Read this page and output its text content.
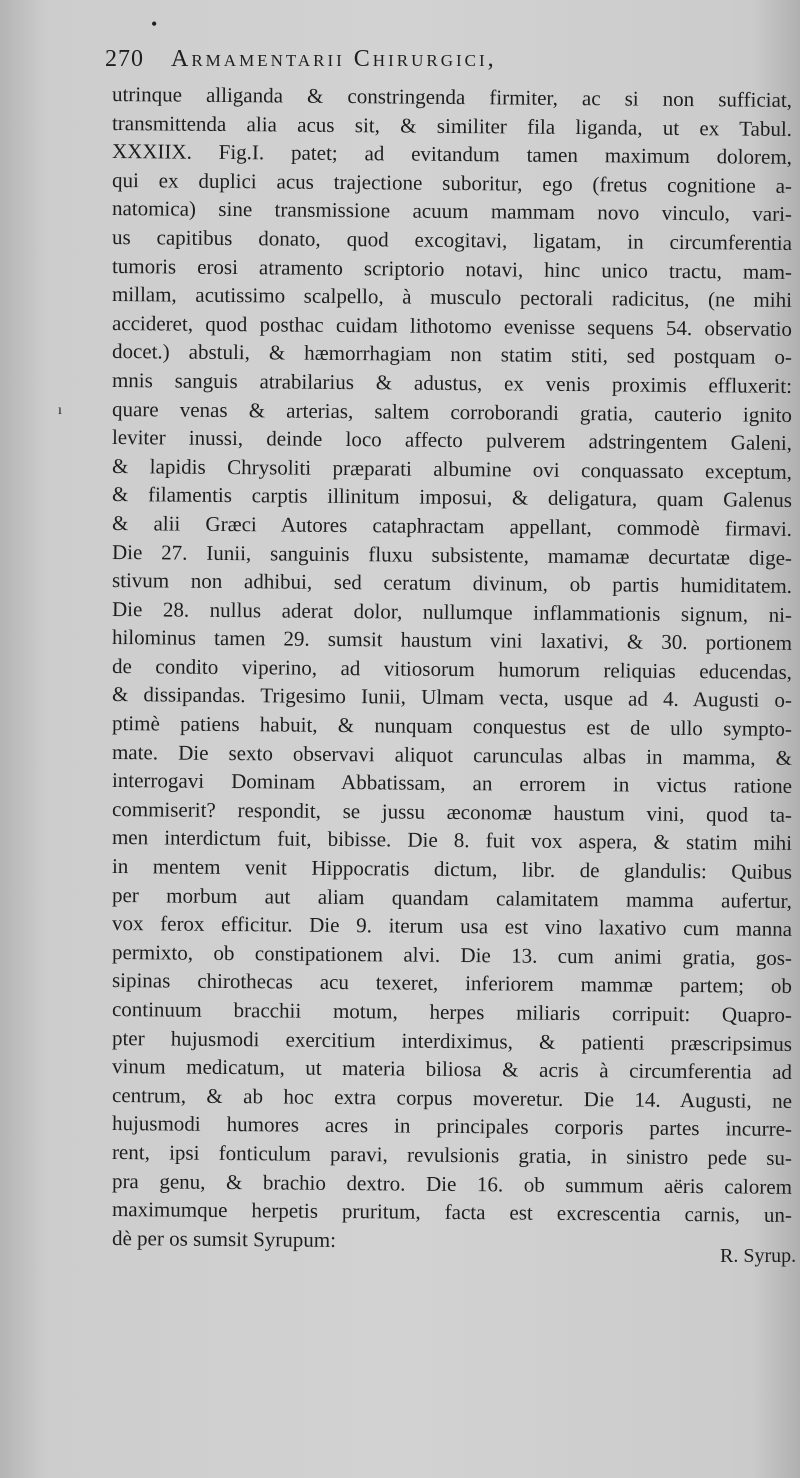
•
270 Armamentarii Chirurgici,
ı
utrinque alliganda & constringenda firmiter, ac si non sufficiat,
transmittenda alia acus sit, & similiter fila liganda, ut ex Tabul.
XXXIIX. Fig.I. patet; ad evitandum tamen maximum dolorem,
qui ex duplici acus trajectione suboritur, ego (fretus cognitione a-
natomica) sine transmissione acuum mammam novo vinculo, vari-
us capitibus donato, quod excogitavi, ligatam, in circumferentia
tumoris erosi atramento scriptorio notavi, hinc unico tractu, mam-
millam, acutissimo scalpello, à musculo pectorali radicitus, (ne mihi
accideret, quod posthac cuidam lithotomo evenisse sequens 54. observatio
docet.) abstuli, & hæmorrhagiam non statim stiti, sed postquam o-
mnis sanguis atrabilarius & adustus, ex venis proximis effluxerit:
quare venas & arterias, saltem corroborandi gratia, cauterio ignito
leviter inussi, deinde loco affecto pulverem adstringentem Galeni,
& lapidis Chrysoliti præparati albumine ovi conquassato exceptum,
& filamentis carptis illinitum imposui, & deligatura, quam Galenus
& alii Græci Autores cataphractam appellant, commodè firmavi.
Die 27. Iunii, sanguinis fluxu subsistente, mamamæ decurtatæ dige-
stivum non adhibui, sed ceratum divinum, ob partis humiditatem.
Die 28. nullus aderat dolor, nullumque inflammationis signum, ni-
hilominus tamen 29. sumsit haustum vini laxativi, & 30. portionem
de condito viperino, ad vitiosorum humorum reliquias educendas,
& dissipandas. Trigesimo Iunii, Ulmam vecta, usque ad 4. Augusti o-
ptimè patiens habuit, & nunquam conquestus est de ullo sympto-
mate. Die sexto observavi aliquot carunculas albas in mamma, &
interrogavi Dominam Abbatissam, an errorem in victus ratione
commiserit? respondit, se jussu æconomæ haustum vini, quod ta-
men interdictum fuit, bibisse. Die 8. fuit vox aspera, & statim mihi
in mentem venit Hippocratis dictum, libr. de glandulis: Quibus
per morbum aut aliam quandam calamitatem mamma aufertur,
vox ferox efficitur. Die 9. iterum usa est vino laxativo cum manna
permixto, ob constipationem alvi. Die 13. cum animi gratia, gos-
sipinas chirothecas acu texeret, inferiorem mammæ partem; ob
continuum bracchii motum, herpes miliaris corripuit: Quapro-
pter hujusmodi exercitium interdiximus, & patienti præscripsimus
vinum medicatum, ut materia biliosa & acris à circumferentia ad
centrum, & ab hoc extra corpus moveretur. Die 14. Augusti, ne
hujusmodi humores acres in principales corporis partes incurre-
rent, ipsi fonticulum paravi, revulsionis gratia, in sinistro pede su-
pra genu, & brachio dextro. Die 16. ob summum aëris calorem
maximumque herpetis pruritum, facta est excrescentia carnis, un-
dè per os sumsit Syrupum:
R. Syrup.
